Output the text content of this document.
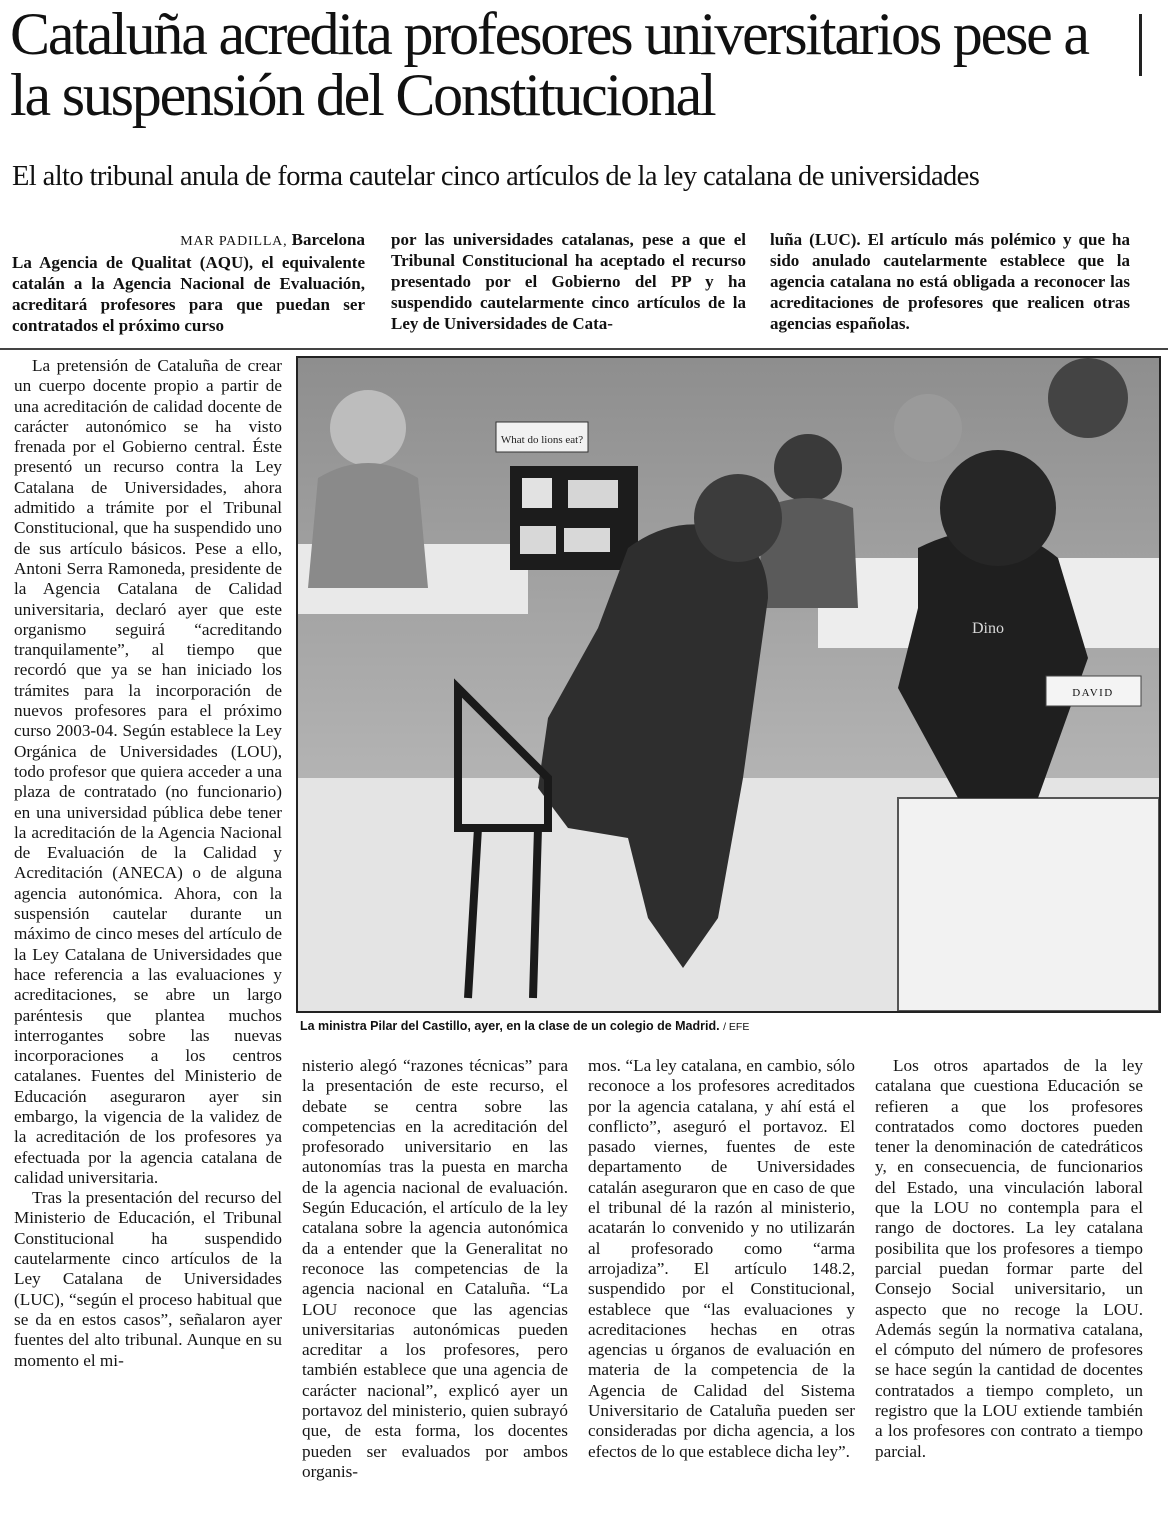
Cataluña acredita profesores universitarios pese a la suspensión del Constitucional
El alto tribunal anula de forma cautelar cinco artículos de la ley catalana de universidades
MAR PADILLA, Barcelona
La Agencia de Qualitat (AQU), el equivalente catalán a la Agencia Nacional de Evaluación, acreditará profesores para que puedan ser contratados el próximo curso
por las universidades catalanas, pese a que el Tribunal Constitucional ha aceptado el recurso presentado por el Gobierno del PP y ha suspendido cautelarmente cinco artículos de la Ley de Universidades de Cata-
luña (LUC). El artículo más polémico y que ha sido anulado cautelarmente establece que la agencia catalana no está obligada a reconocer las acreditaciones de profesores que realicen otras agencias españolas.

La pretensión de Cataluña de crear un cuerpo docente propio a partir de una acreditación de calidad docente de carácter autonómico se ha visto frenada por el Gobierno central. Éste presentó un recurso contra la Ley Catalana de Universidades, ahora admitido a trámite por el Tribunal Constitucional, que ha suspendido uno de sus artículo básicos. Pese a ello, Antoni Serra Ramoneda, presidente de la Agencia Catalana de Calidad universitaria, declaró ayer que este organismo seguirá “acreditando tranquilamente”, al tiempo que recordó que ya se han iniciado los trámites para la incorporación de nuevos profesores para el próximo curso 2003-04. Según establece la Ley Orgánica de Universidades (LOU), todo profesor que quiera acceder a una plaza de contratado (no funcionario) en una universidad pública debe tener la acreditación de la Agencia Nacional de Evaluación de la Calidad y Acreditación (ANECA) o de alguna agencia autonómica. Ahora, con la suspensión cautelar durante un máximo de cinco meses del artículo de la Ley Catalana de Universidades que hace referencia a las evaluaciones y acreditaciones, se abre un largo paréntesis que plantea muchos interrogantes sobre las nuevas incorporaciones a los centros catalanes. Fuentes del Ministerio de Educación aseguraron ayer sin embargo, la vigencia de la validez de la acreditación de los profesores ya efectuada por la agencia catalana de calidad universitaria.

Tras la presentación del recurso del Ministerio de Educación, el Tribunal Constitucional ha suspendido cautelarmente cinco artículos de la Ley Catalana de Universidades (LUC), “según el proceso habitual que se da en estos casos”, señalaron ayer fuentes del alto tribunal. Aunque en su momento el mi-

What do lions eat?
Dino
DAVID
La ministra Pilar del Castillo, ayer, en la clase de un colegio de Madrid. / EFE

nisterio alegó “razones técnicas” para la presentación de este recurso, el debate se centra sobre las competencias en la acreditación del profesorado universitario en las autonomías tras la puesta en marcha de la agencia nacional de evaluación. Según Educación, el artículo de la ley catalana sobre la agencia autonómica da a entender que la Generalitat no reconoce las competencias de la agencia nacional en Cataluña. “La LOU reconoce que las agencias universitarias autonómicas pueden acreditar a los profesores, pero también establece que una agencia de carácter nacional”, explicó ayer un portavoz del ministerio, quien subrayó que, de esta forma, los docentes pueden ser evaluados por ambos organis-

mos. “La ley catalana, en cambio, sólo reconoce a los profesores acreditados por la agencia catalana, y ahí está el conflicto”, aseguró el portavoz. El pasado viernes, fuentes de este departamento de Universidades catalán aseguraron que en caso de que el tribunal dé la razón al ministerio, acatarán lo convenido y no utilizarán al profesorado como “arma arrojadiza”. El artículo 148.2, suspendido por el Constitucional, establece que “las evaluaciones y acreditaciones hechas en otras agencias u órganos de evaluación en materia de la competencia de la Agencia de Calidad del Sistema Universitario de Cataluña pueden ser consideradas por dicha agencia, a los efectos de lo que establece dicha ley”.

Los otros apartados de la ley catalana que cuestiona Educación se refieren a que los profesores contratados como doctores pueden tener la denominación de catedráticos y, en consecuencia, de funcionarios del Estado, una vinculación laboral que la LOU no contempla para el rango de doctores. La ley catalana posibilita que los profesores a tiempo parcial puedan formar parte del Consejo Social universitario, un aspecto que no recoge la LOU. Además según la normativa catalana, el cómputo del número de profesores se hace según la cantidad de docentes contratados a tiempo completo, un registro que la LOU extiende también a los profesores con contrato a tiempo parcial.
